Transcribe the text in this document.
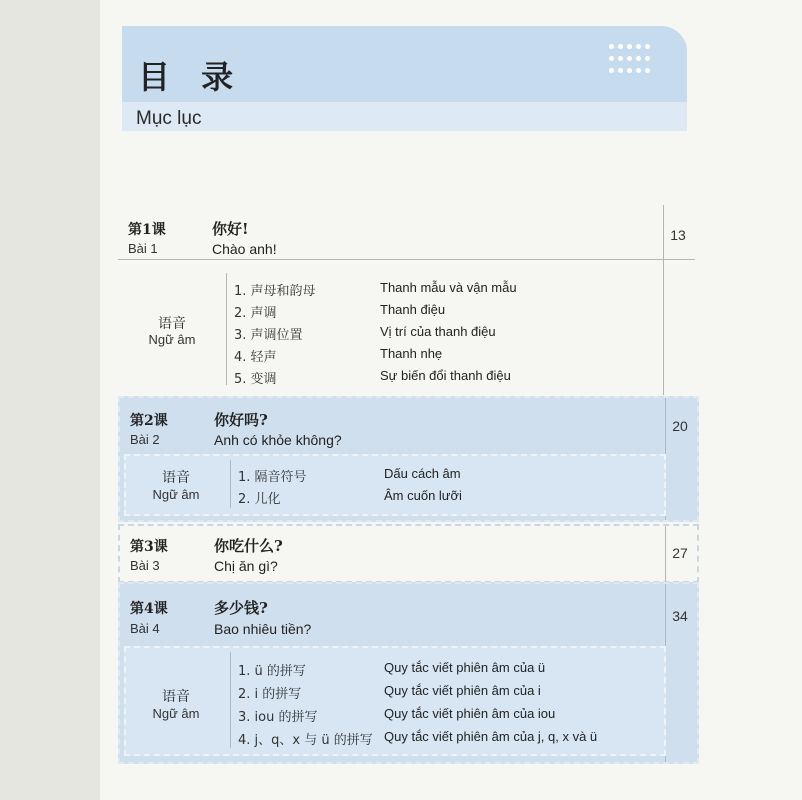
目 录
Mục lục
第1课
Bài 1
你好!
Chào anh!
13
语音
Ngữ âm
1. 声母和韵母	Thanh mẫu và vận mẫu
2. 声调	Thanh điệu
3. 声调位置	Vị trí của thanh điệu
4. 轻声	Thanh nhẹ
5. 变调	Sự biến đổi thanh điệu
第2课
Bài 2
你好吗?
Anh có khỏe không?
20
语音
Ngữ âm
1. 隔音符号	Dấu cách âm
2. 儿化	Âm cuốn lưỡi
第3课
Bài 3
你吃什么?
Chị ăn gì?
27
第4课
Bài 4
多少钱?
Bao nhiêu tiền?
34
语音
Ngữ âm
1. ü 的拼写	Quy tắc viết phiên âm của ü
2. i 的拼写	Quy tắc viết phiên âm của i
3. iou 的拼写	Quy tắc viết phiên âm của iou
4. j、q、x 与 ü 的拼写 Quy tắc viết phiên âm của j, q, x và ü
